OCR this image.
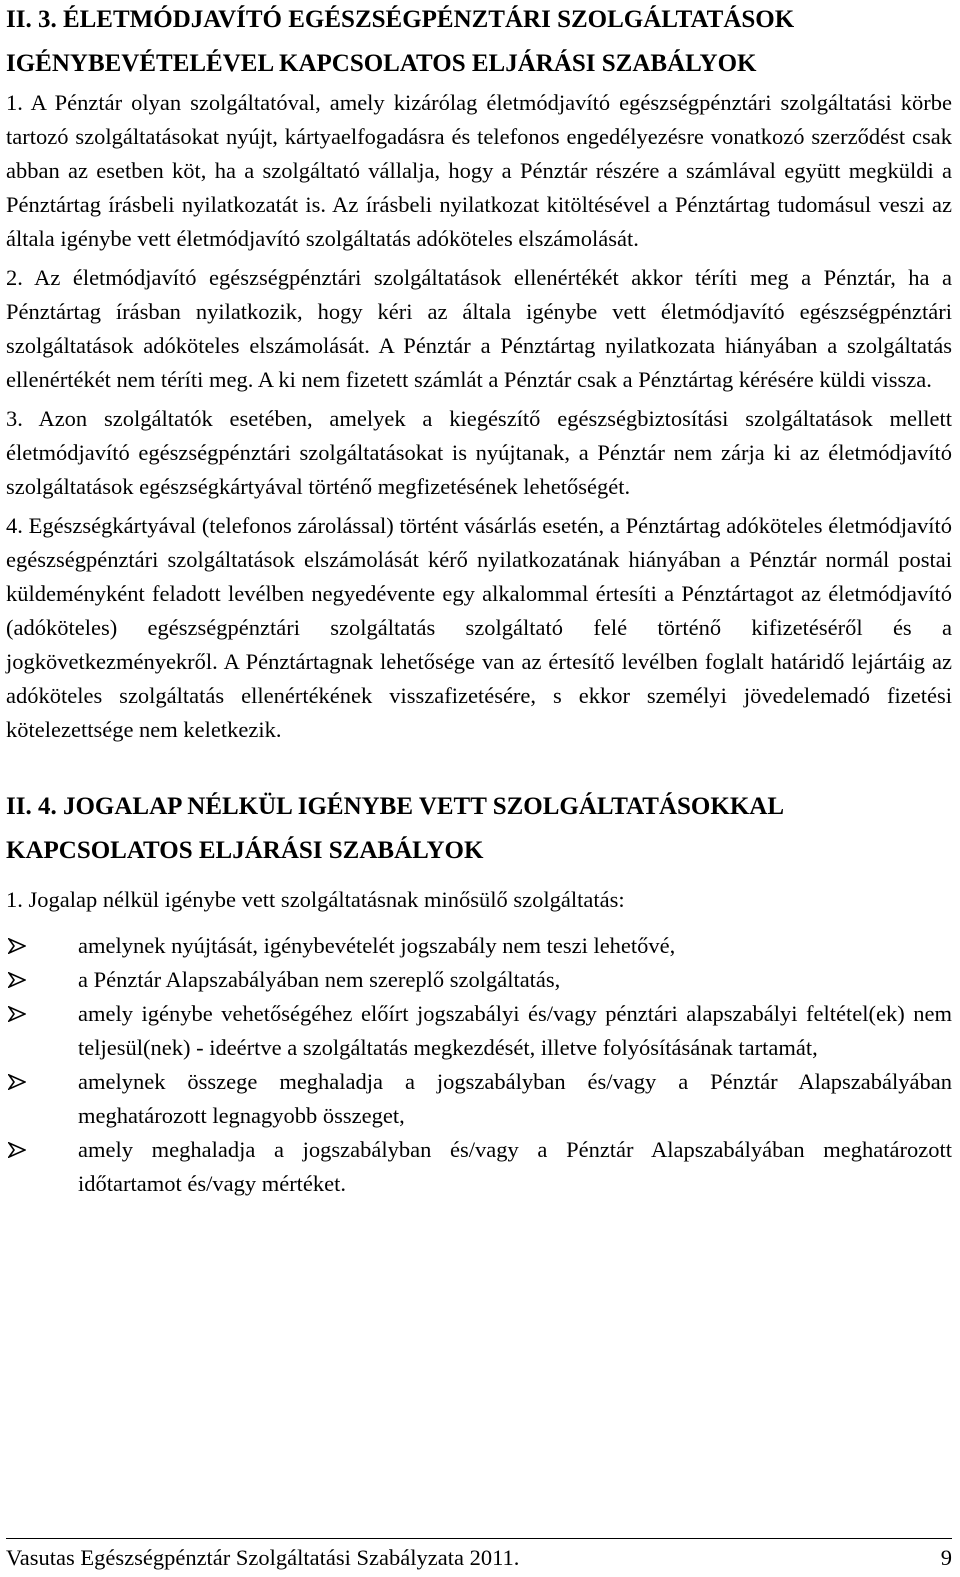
II. 3. ÉLETMÓDJAVÍTÓ EGÉSZSÉGPÉNZTÁRI SZOLGÁLTATÁSOK

IGÉNYBEVÉTELÉVEL KAPCSOLATOS ELJÁRÁSI SZABÁLYOK

1. A Pénztár olyan szolgáltatóval, amely kizárólag életmódjavító egészségpénztári szolgáltatási körbe tartozó szolgáltatásokat nyújt, kártyaelfogadásra és telefonos engedélyezésre vonatkozó szerződést csak abban az esetben köt, ha a szolgáltató vállalja, hogy a Pénztár részére a számlával együtt megküldi a Pénztártag írásbeli nyilatkozatát is. Az írásbeli nyilatkozat kitöltésével a Pénztártag tudomásul veszi az általa igénybe vett életmódjavító szolgáltatás adóköteles elszámolását.

2. Az életmódjavító egészségpénztári szolgáltatások ellenértékét akkor téríti meg a Pénztár, ha a Pénztártag írásban nyilatkozik, hogy kéri az általa igénybe vett életmódjavító egészségpénztári szolgáltatások adóköteles elszámolását. A Pénztár a Pénztártag nyilatkozata hiányában a szolgáltatás ellenértékét nem téríti meg. A ki nem fizetett számlát a Pénztár csak a Pénztártag kérésére küldi vissza.

3. Azon szolgáltatók esetében, amelyek a kiegészítő egészségbiztosítási szolgáltatások mellett életmódjavító egészségpénztári szolgáltatásokat is nyújtanak, a Pénztár nem zárja ki az életmódjavító szolgáltatások egészségkártyával történő megfizetésének lehetőségét.

4. Egészségkártyával (telefonos zárolással) történt vásárlás esetén, a Pénztártag adóköteles életmódjavító egészségpénztári szolgáltatások elszámolását kérő nyilatkozatának hiányában a Pénztár normál postai küldeményként feladott levélben negyedévente egy alkalommal értesíti a Pénztártagot az életmódjavító (adóköteles) egészségpénztári szolgáltatás szolgáltató felé történő kifizetéséről és a jogkövetkezményekről. A Pénztártagnak lehetősége van az értesítő levélben foglalt határidő lejártáig az adóköteles szolgáltatás ellenértékének visszafizetésére, s ekkor személyi jövedelemadó fizetési kötelezettsége nem keletkezik.

II. 4. JOGALAP NÉLKÜL IGÉNYBE VETT SZOLGÁLTATÁSOKKAL

KAPCSOLATOS ELJÁRÁSI SZABÁLYOK

1. Jogalap nélkül igénybe vett szolgáltatásnak minősülő szolgáltatás:

amelynek nyújtását, igénybevételét jogszabály nem teszi lehetővé,
a Pénztár Alapszabályában nem szereplő szolgáltatás,
amely igénybe vehetőségéhez előírt jogszabályi és/vagy pénztári alapszabályi feltétel(ek) nem teljesül(nek) - ideértve a szolgáltatás megkezdését, illetve folyósításának tartamát,
amelynek összege meghaladja a jogszabályban és/vagy a Pénztár Alapszabályában meghatározott legnagyobb összeget,
amely meghaladja a jogszabályban és/vagy a Pénztár Alapszabályában meghatározott időtartamot és/vagy mértéket.
Vasutas Egészségpénztár Szolgáltatási Szabályzata 2011.	9
